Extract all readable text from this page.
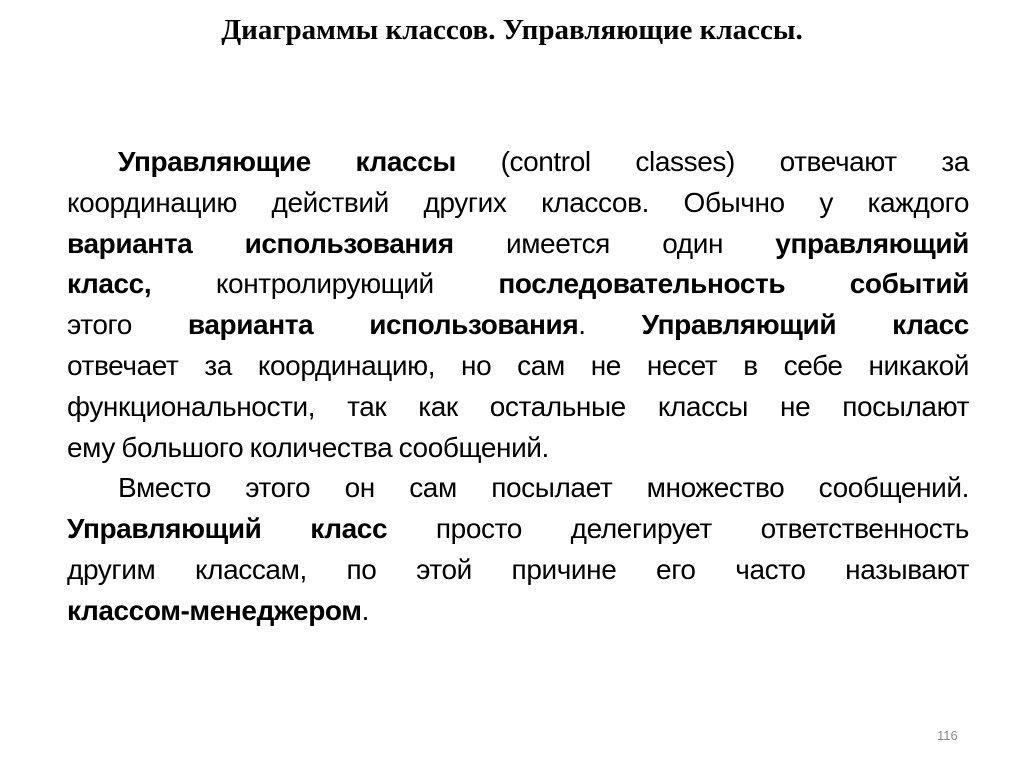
Диаграммы классов. Управляющие классы.
Управляющие классы (control classes) отвечают за
координацию действий других классов. Обычно у каждого
варианта использования имеется один управляющий
класс, контролирующий последовательность событий
этого варианта использования. Управляющий класс
отвечает за координацию, но сам не несет в себе никакой
функциональности, так как остальные классы не посылают
ему большого количества сообщений.
Вместо этого он сам посылает множество сообщений.
Управляющий класс просто делегирует ответственность
другим классам, по этой причине его часто называют
классом-менеджером.
116
